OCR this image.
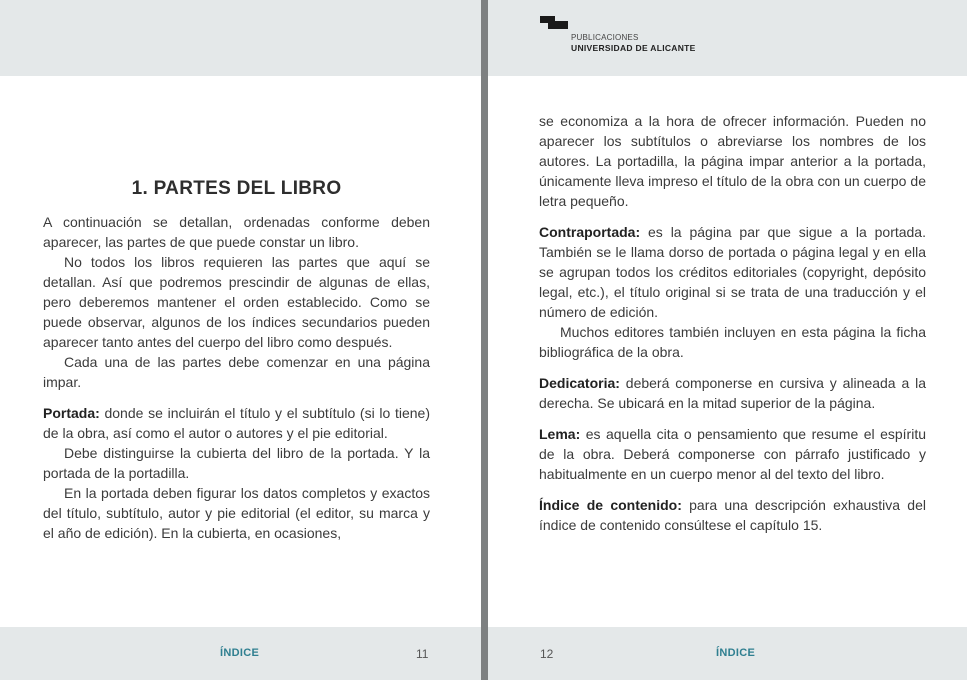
1. PARTES DEL LIBRO

A continuación se detallan, ordenadas conforme deben aparecer, las partes de que puede constar un libro.

No todos los libros requieren las partes que aquí se detallan. Así que podremos prescindir de algunas de ellas, pero deberemos mantener el orden establecido. Como se puede observar, algunos de los índices secundarios pueden aparecer tanto antes del cuerpo del libro como después.

Cada una de las partes debe comenzar en una página impar.

Portada: donde se incluirán el título y el subtítulo (si lo tiene) de la obra, así como el autor o autores y el pie editorial.

Debe distinguirse la cubierta del libro de la portada. Y la portada de la portadilla.

En la portada deben figurar los datos completos y exactos del título, subtítulo, autor y pie editorial (el editor, su marca y el año de edición). En la cubierta, en ocasiones,

ÍNDICE	11
PUBLICACIONES
UNIVERSIDAD DE ALICANTE

se economiza a la hora de ofrecer información. Pueden no aparecer los subtítulos o abreviarse los nombres de los autores. La portadilla, la página impar anterior a la portada, únicamente lleva impreso el título de la obra con un cuerpo de letra pequeño.

Contraportada: es la página par que sigue a la portada. También se le llama dorso de portada o página legal y en ella se agrupan todos los créditos editoriales (copyright, depósito legal, etc.), el título original si se trata de una traducción y el número de edición.

Muchos editores también incluyen en esta página la ficha bibliográfica de la obra.

Dedicatoria: deberá componerse en cursiva y alineada a la derecha. Se ubicará en la mitad superior de la página.

Lema: es aquella cita o pensamiento que resume el espíritu de la obra. Deberá componerse con párrafo justificado y habitualmente en un cuerpo menor al del texto del libro.

Índice de contenido: para una descripción exhaustiva del índice de contenido consúltese el capítulo 15.

12	ÍNDICE
